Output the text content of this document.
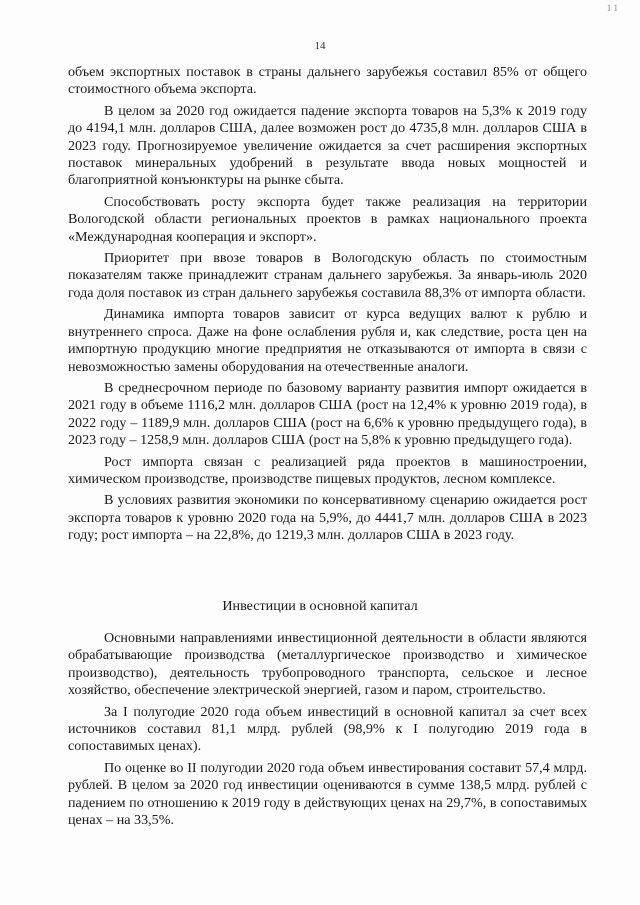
1 1
14

объем экспортных поставок в страны дальнего зарубежья составил 85% от общего стоимостного объема экспорта.

В целом за 2020 год ожидается падение экспорта товаров на 5,3% к 2019 году до 4194,1 млн. долларов США, далее возможен рост до 4735,8 млн. долларов США в 2023 году. Прогнозируемое увеличение ожидается за счет расширения экспортных поставок минеральных удобрений в результате ввода новых мощностей и благоприятной конъюнктуры на рынке сбыта.

Способствовать росту экспорта будет также реализация на территории Вологодской области региональных проектов в рамках национального проекта «Международная кооперация и экспорт».

Приоритет при ввозе товаров в Вологодскую область по стоимостным показателям также принадлежит странам дальнего зарубежья. За январь-июль 2020 года доля поставок из стран дальнего зарубежья составила 88,3% от импорта области.

Динамика импорта товаров зависит от курса ведущих валют к рублю и внутреннего спроса. Даже на фоне ослабления рубля и, как следствие, роста цен на импортную продукцию многие предприятия не отказываются от импорта в связи с невозможностью замены оборудования на отечественные аналоги.

В среднесрочном периоде по базовому варианту развития импорт ожидается в 2021 году в объеме 1116,2 млн. долларов США (рост на 12,4% к уровню 2019 года), в 2022 году – 1189,9 млн. долларов США (рост на 6,6% к уровню предыдущего года), в 2023 году – 1258,9 млн. долларов США (рост на 5,8% к уровню предыдущего года).

Рост импорта связан с реализацией ряда проектов в машиностроении, химическом производстве, производстве пищевых продуктов, лесном комплексе.

В условиях развития экономики по консервативному сценарию ожидается рост экспорта товаров к уровню 2020 года на 5,9%, до 4441,7 млн. долларов США в 2023 году; рост импорта – на 22,8%, до 1219,3 млн. долларов США в 2023 году.

Инвестиции в основной капитал

Основными направлениями инвестиционной деятельности в области являются обрабатывающие производства (металлургическое производство и химическое производство), деятельность трубопроводного транспорта, сельское и лесное хозяйство, обеспечение электрической энергией, газом и паром, строительство.

За I полугодие 2020 года объем инвестиций в основной капитал за счет всех источников составил 81,1 млрд. рублей (98,9% к I полугодию 2019 года в сопоставимых ценах).

По оценке во II полугодии 2020 года объем инвестирования составит 57,4 млрд. рублей. В целом за 2020 год инвестиции оцениваются в сумме 138,5 млрд. рублей с падением по отношению к 2019 году в действующих ценах на 29,7%, в сопоставимых ценах – на 33,5%.
